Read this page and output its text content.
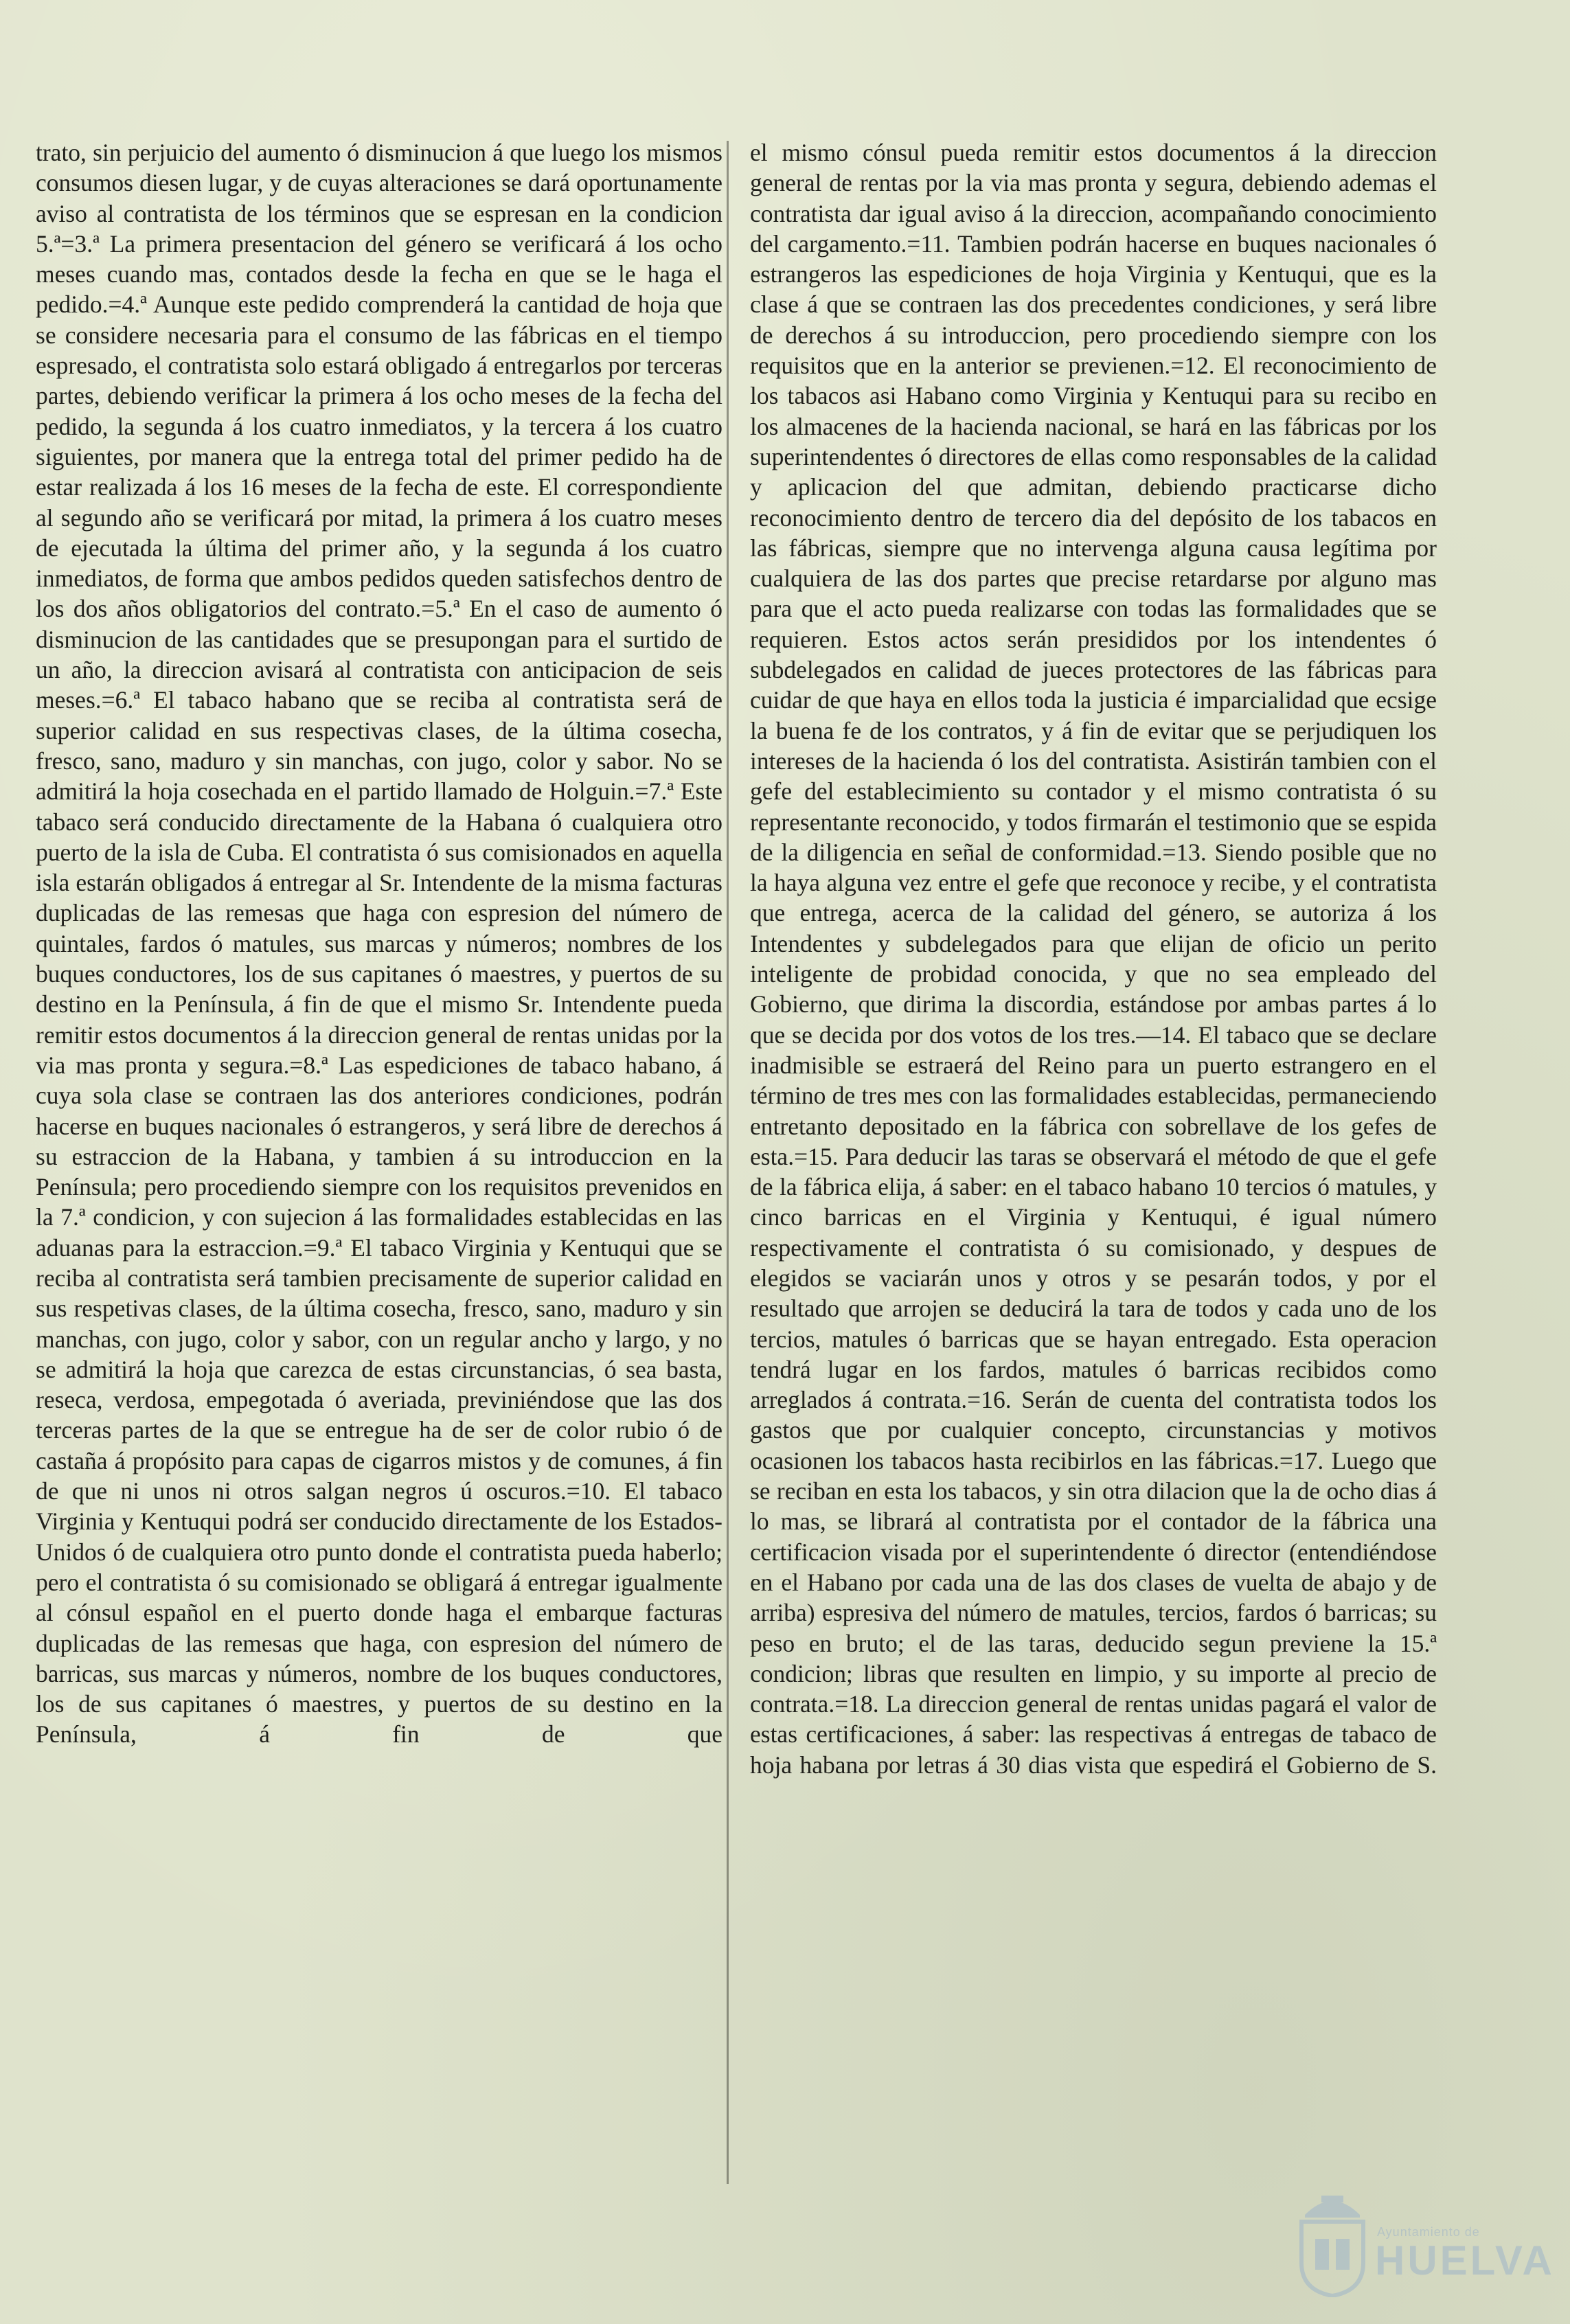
trato, sin perjuicio del aumento ó disminucion á que luego los mismos consumos diesen lugar, y de cuyas alteraciones se dará oportunamente aviso al contratista de los términos que se espresan en la condicion 5.ª=3.ª La primera presentacion del género se verificará á los ocho meses cuando mas, contados desde la fecha en que se le haga el pedido.=4.ª Aunque este pedido comprenderá la cantidad de hoja que se considere necesaria para el consumo de las fábricas en el tiempo espresado, el contratista solo estará obligado á entregarlos por terceras partes, debiendo verificar la primera á los ocho meses de la fecha del pedido, la segunda á los cuatro inmediatos, y la tercera á los cuatro siguientes, por manera que la entrega total del primer pedido ha de estar realizada á los 16 meses de la fecha de este. El correspondiente al segundo año se verificará por mitad, la primera á los cuatro meses de ejecutada la última del primer año, y la segunda á los cuatro inmediatos, de forma que ambos pedidos queden satisfechos dentro de los dos años obligatorios del contrato.=5.ª En el caso de aumento ó disminucion de las cantidades que se presupongan para el surtido de un año, la direccion avisará al contratista con anticipacion de seis meses.=6.ª El tabaco habano que se reciba al contratista será de superior calidad en sus respectivas clases, de la última cosecha, fresco, sano, maduro y sin manchas, con jugo, color y sabor. No se admitirá la hoja cosechada en el partido llamado de Holguin.=7.ª Este tabaco será conducido directamente de la Habana ó cualquiera otro puerto de la isla de Cuba. El contratista ó sus comisionados en aquella isla estarán obligados á entregar al Sr. Intendente de la misma facturas duplicadas de las remesas que haga con espresion del número de quintales, fardos ó matules, sus marcas y números; nombres de los buques conductores, los de sus capitanes ó maestres, y puertos de su destino en la Península, á fin de que el mismo Sr. Intendente pueda remitir estos documentos á la direccion general de rentas unidas por la via mas pronta y segura.=8.ª Las espediciones de tabaco habano, á cuya sola clase se contraen las dos anteriores condiciones, podrán hacerse en buques nacionales ó estrangeros, y será libre de derechos á su estraccion de la Habana, y tambien á su introduccion en la Península; pero procediendo siempre con los requisitos prevenidos en la 7.ª condicion, y con sujecion á las formalidades establecidas en las aduanas para la estraccion.=9.ª El tabaco Virginia y Kentuqui que se reciba al contratista será tambien precisamente de superior calidad en sus respetivas clases, de la última cosecha, fresco, sano, maduro y sin manchas, con jugo, color y sabor, con un regular ancho y largo, y no se admitirá la hoja que carezca de estas circunstancias, ó sea basta, reseca, verdosa, empegotada ó averiada, previniéndose que las dos terceras partes de la que se entregue ha de ser de color rubio ó de castaña á propósito para capas de cigarros mistos y de comunes, á fin de que ni unos ni otros salgan negros ú oscuros.=10. El tabaco Virginia y Kentuqui podrá ser conducido directamente de los Estados-Unidos ó de cualquiera otro punto donde el contratista pueda haberlo; pero el contratista ó su comisionado se obligará á entregar igualmente al cónsul español en el puerto donde haga el embarque facturas duplicadas de las remesas que haga, con espresion del número de barricas, sus marcas y números, nombre de los buques conductores, los de sus capitanes ó maestres, y puertos de su destino en la Península, á fin de que

el mismo cónsul pueda remitir estos documentos á la direccion general de rentas por la via mas pronta y segura, debiendo ademas el contratista dar igual aviso á la direccion, acompañando conocimiento del cargamento.=11. Tambien podrán hacerse en buques nacionales ó estrangeros las espediciones de hoja Virginia y Kentuqui, que es la clase á que se contraen las dos precedentes condiciones, y será libre de derechos á su introduccion, pero procediendo siempre con los requisitos que en la anterior se previenen.=12. El reconocimiento de los tabacos asi Habano como Virginia y Kentuqui para su recibo en los almacenes de la hacienda nacional, se hará en las fábricas por los superintendentes ó directores de ellas como responsables de la calidad y aplicacion del que admitan, debiendo practicarse dicho reconocimiento dentro de tercero dia del depósito de los tabacos en las fábricas, siempre que no intervenga alguna causa legítima por cualquiera de las dos partes que precise retardarse por alguno mas para que el acto pueda realizarse con todas las formalidades que se requieren. Estos actos serán presididos por los intendentes ó subdelegados en calidad de jueces protectores de las fábricas para cuidar de que haya en ellos toda la justicia é imparcialidad que ecsige la buena fe de los contratos, y á fin de evitar que se perjudiquen los intereses de la hacienda ó los del contratista. Asistirán tambien con el gefe del establecimiento su contador y el mismo contratista ó su representante reconocido, y todos firmarán el testimonio que se espida de la diligencia en señal de conformidad.=13. Siendo posible que no la haya alguna vez entre el gefe que reconoce y recibe, y el contratista que entrega, acerca de la calidad del género, se autoriza á los Intendentes y subdelegados para que elijan de oficio un perito inteligente de probidad conocida, y que no sea empleado del Gobierno, que dirima la discordia, estándose por ambas partes á lo que se decida por dos votos de los tres.—14. El tabaco que se declare inadmisible se estraerá del Reino para un puerto estrangero en el término de tres mes con las formalidades establecidas, permaneciendo entretanto depositado en la fábrica con sobrellave de los gefes de esta.=15. Para deducir las taras se observará el método de que el gefe de la fábrica elija, á saber: en el tabaco habano 10 tercios ó matules, y cinco barricas en el Virginia y Kentuqui, é igual número respectivamente el contratista ó su comisionado, y despues de elegidos se vaciarán unos y otros y se pesarán todos, y por el resultado que arrojen se deducirá la tara de todos y cada uno de los tercios, matules ó barricas que se hayan entregado. Esta operacion tendrá lugar en los fardos, matules ó barricas recibidos como arreglados á contrata.=16. Serán de cuenta del contratista todos los gastos que por cualquier concepto, circunstancias y motivos ocasionen los tabacos hasta recibirlos en las fábricas.=17. Luego que se reciban en esta los tabacos, y sin otra dilacion que la de ocho dias á lo mas, se librará al contratista por el contador de la fábrica una certificacion visada por el superintendente ó director (entendiéndose en el Habano por cada una de las dos clases de vuelta de abajo y de arriba) espresiva del número de matules, tercios, fardos ó barricas; su peso en bruto; el de las taras, deducido segun previene la 15.ª condicion; libras que resulten en limpio, y su importe al precio de contrata.=18. La direccion general de rentas unidas pagará el valor de estas certificaciones, á saber: las respectivas á entregas de tabaco de hoja habana por letras á 30 dias vista que espedirá el Gobierno de S.

Ayuntamiento de
HUELVA
